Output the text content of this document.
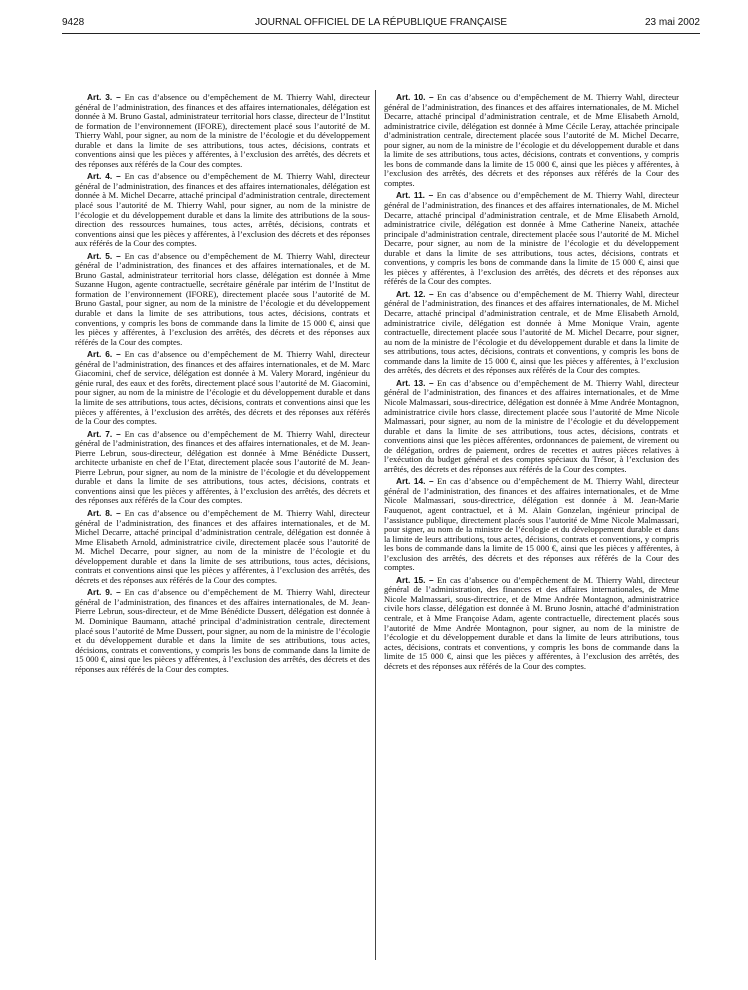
9428	JOURNAL OFFICIEL DE LA RÉPUBLIQUE FRANÇAISE	23 mai 2002

Art. 3. – En cas d’absence ou d’empêchement de M. Thierry Wahl, directeur général de l’administration, des finances et des affaires internationales, délégation est donnée à M. Bruno Gastal, administrateur territorial hors classe, directeur de l’Institut de formation de l’environnement (IFORE), directement placé sous l’autorité de M. Thierry Wahl, pour signer, au nom de la ministre de l’écologie et du développement durable et dans la limite de ses attributions, tous actes, décisions, contrats et conventions ainsi que les pièces y afférentes, à l’exclusion des arrêtés, des décrets et des réponses aux référés de la Cour des comptes.

Art. 4. – En cas d’absence ou d’empêchement de M. Thierry Wahl, directeur général de l’administration, des finances et des affaires internationales, délégation est donnée à M. Michel Decarre, attaché principal d’administration centrale, directement placé sous l’autorité de M. Thierry Wahl, pour signer, au nom de la ministre de l’écologie et du développement durable et dans la limite des attributions de la sous-direction des ressources humaines, tous actes, arrêtés, décisions, contrats et conventions ainsi que les pièces y afférentes, à l’exclusion des décrets et des réponses aux référés de la Cour des comptes.

Art. 5. – En cas d’absence ou d’empêchement de M. Thierry Wahl, directeur général de l’administration, des finances et des affaires internationales, et de M. Bruno Gastal, administrateur territorial hors classe, délégation est donnée à Mme Suzanne Hugon, agente contractuelle, secrétaire générale par intérim de l’Institut de formation de l’environnement (IFORE), directement placée sous l’autorité de M. Bruno Gastal, pour signer, au nom de la ministre de l’écologie et du développement durable et dans la limite de ses attributions, tous actes, décisions, contrats et conventions, y compris les bons de commande dans la limite de 15 000 €, ainsi que les pièces y afférentes, à l’exclusion des arrêtés, des décrets et des réponses aux référés de la Cour des comptes.

Art. 6. – En cas d’absence ou d’empêchement de M. Thierry Wahl, directeur général de l’administration, des finances et des affaires internationales, et de M. Marc Giacomini, chef de service, délégation est donnée à M. Valery Morard, ingénieur du génie rural, des eaux et des forêts, directement placé sous l’autorité de M. Giacomini, pour signer, au nom de la ministre de l’écologie et du développement durable et dans la limite de ses attributions, tous actes, décisions, contrats et conventions ainsi que les pièces y afférentes, à l’exclusion des arrêtés, des décrets et des réponses aux référés de la Cour des comptes.

Art. 7. – En cas d’absence ou d’empêchement de M. Thierry Wahl, directeur général de l’administration, des finances et des affaires internationales, et de M. Jean-Pierre Lebrun, sous-directeur, délégation est donnée à Mme Bénédicte Dussert, architecte urbaniste en chef de l’Etat, directement placée sous l’autorité de M. Jean-Pierre Lebrun, pour signer, au nom de la ministre de l’écologie et du développement durable et dans la limite de ses attributions, tous actes, décisions, contrats et conventions ainsi que les pièces y afférentes, à l’exclusion des arrêtés, des décrets et des réponses aux référés de la Cour des comptes.

Art. 8. – En cas d’absence ou d’empêchement de M. Thierry Wahl, directeur général de l’administration, des finances et des affaires internationales, et de M. Michel Decarre, attaché principal d’administration centrale, délégation est donnée à Mme Elisabeth Arnold, administratrice civile, directement placée sous l’autorité de M. Michel Decarre, pour signer, au nom de la ministre de l’écologie et du développement durable et dans la limite de ses attributions, tous actes, décisions, contrats et conventions ainsi que les pièces y afférentes, à l’exclusion des arrêtés, des décrets et des réponses aux référés de la Cour des comptes.

Art. 9. – En cas d’absence ou d’empêchement de M. Thierry Wahl, directeur général de l’administration, des finances et des affaires internationales, de M. Jean-Pierre Lebrun, sous-directeur, et de Mme Bénédicte Dussert, délégation est donnée à M. Dominique Baumann, attaché principal d’administration centrale, directement placé sous l’autorité de Mme Dussert, pour signer, au nom de la ministre de l’écologie et du développement durable et dans la limite de ses attributions, tous actes, décisions, contrats et conventions, y compris les bons de commande dans la limite de 15 000 €, ainsi que les pièces y afférentes, à l’exclusion des arrêtés, des décrets et des réponses aux référés de la Cour des comptes.

Art. 10. – En cas d’absence ou d’empêchement de M. Thierry Wahl, directeur général de l’administration, des finances et des affaires internationales, de M. Michel Decarre, attaché principal d’administration centrale, et de Mme Elisabeth Arnold, administratrice civile, délégation est donnée à Mme Cécile Leray, attachée principale d’administration centrale, directement placée sous l’autorité de M. Michel Decarre, pour signer, au nom de la ministre de l’écologie et du développement durable et dans la limite de ses attributions, tous actes, décisions, contrats et conventions, y compris les bons de commande dans la limite de 15 000 €, ainsi que les pièces y afférentes, à l’exclusion des arrêtés, des décrets et des réponses aux référés de la Cour des comptes.

Art. 11. – En cas d’absence ou d’empêchement de M. Thierry Wahl, directeur général de l’administration, des finances et des affaires internationales, de M. Michel Decarre, attaché principal d’administration centrale, et de Mme Elisabeth Arnold, administratrice civile, délégation est donnée à Mme Catherine Naneix, attachée principale d’administration centrale, directement placée sous l’autorité de M. Michel Decarre, pour signer, au nom de la ministre de l’écologie et du développement durable et dans la limite de ses attributions, tous actes, décisions, contrats et conventions, y compris les bons de commande dans la limite de 15 000 €, ainsi que les pièces y afférentes, à l’exclusion des arrêtés, des décrets et des réponses aux référés de la Cour des comptes.

Art. 12. – En cas d’absence ou d’empêchement de M. Thierry Wahl, directeur général de l’administration, des finances et des affaires internationales, de M. Michel Decarre, attaché principal d’administration centrale, et de Mme Elisabeth Arnold, administratrice civile, délégation est donnée à Mme Monique Vrain, agente contractuelle, directement placée sous l’autorité de M. Michel Decarre, pour signer, au nom de la ministre de l’écologie et du développement durable et dans la limite de ses attributions, tous actes, décisions, contrats et conventions, y compris les bons de commande dans la limite de 15 000 €, ainsi que les pièces y afférentes, à l’exclusion des arrêtés, des décrets et des réponses aux référés de la Cour des comptes.

Art. 13. – En cas d’absence ou d’empêchement de M. Thierry Wahl, directeur général de l’administration, des finances et des affaires internationales, et de Mme Nicole Malmassari, sous-directrice, délégation est donnée à Mme Andrée Montagnon, administratrice civile hors classe, directement placée sous l’autorité de Mme Nicole Malmassari, pour signer, au nom de la ministre de l’écologie et du développement durable et dans la limite de ses attributions, tous actes, décisions, contrats et conventions ainsi que les pièces afférentes, ordonnances de paiement, de virement ou de délégation, ordres de paiement, ordres de recettes et autres pièces relatives à l’exécution du budget général et des comptes spéciaux du Trésor, à l’exclusion des arrêtés, des décrets et des réponses aux référés de la Cour des comptes.

Art. 14. – En cas d’absence ou d’empêchement de M. Thierry Wahl, directeur général de l’administration, des finances et des affaires internationales, et de Mme Nicole Malmassari, sous-directrice, délégation est donnée à M. Jean-Marie Fauquenot, agent contractuel, et à M. Alain Gonzelan, ingénieur principal de l’assistance publique, directement placés sous l’autorité de Mme Nicole Malmassari, pour signer, au nom de la ministre de l’écologie et du développement durable et dans la limite de leurs attributions, tous actes, décisions, contrats et conventions, y compris les bons de commande dans la limite de 15 000 €, ainsi que les pièces y afférentes, à l’exclusion des arrêtés, des décrets et des réponses aux référés de la Cour des comptes.

Art. 15. – En cas d’absence ou d’empêchement de M. Thierry Wahl, directeur général de l’administration, des finances et des affaires internationales, de Mme Nicole Malmassari, sous-directrice, et de Mme Andrée Montagnon, administratrice civile hors classe, délégation est donnée à M. Bruno Josnin, attaché d’administration centrale, et à Mme Françoise Adam, agente contractuelle, directement placés sous l’autorité de Mme Andrée Montagnon, pour signer, au nom de la ministre de l’écologie et du développement durable et dans la limite de leurs attributions, tous actes, décisions, contrats et conventions, y compris les bons de commande dans la limite de 15 000 €, ainsi que les pièces y afférentes, à l’exclusion des arrêtés, des décrets et des réponses aux référés de la Cour des comptes.
